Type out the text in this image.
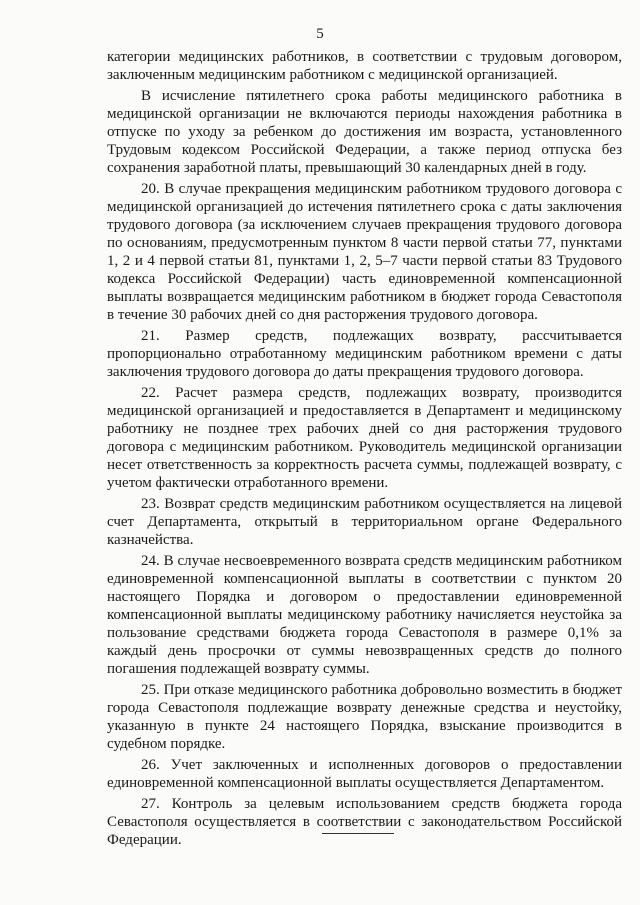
5

категории медицинских работников, в соответствии с трудовым договором, заключенным медицинским работником с медицинской организацией.

В исчисление пятилетнего срока работы медицинского работника в медицинской организации не включаются периоды нахождения работника в отпуске по уходу за ребенком до достижения им возраста, установленного Трудовым кодексом Российской Федерации, а также период отпуска без сохранения заработной платы, превышающий 30 календарных дней в году.

20. В случае прекращения медицинским работником трудового договора с медицинской организацией до истечения пятилетнего срока с даты заключения трудового договора (за исключением случаев прекращения трудового договора по основаниям, предусмотренным пунктом 8 части первой статьи 77, пунктами 1, 2 и 4 первой статьи 81, пунктами 1, 2, 5–7 части первой статьи 83 Трудового кодекса Российской Федерации) часть единовременной компенсационной выплаты возвращается медицинским работником в бюджет города Севастополя в течение 30 рабочих дней со дня расторжения трудового договора.

21. Размер средств, подлежащих возврату, рассчитывается пропорционально отработанному медицинским работником времени с даты заключения трудового договора до даты прекращения трудового договора.

22. Расчет размера средств, подлежащих возврату, производится медицинской организацией и предоставляется в Департамент и медицинскому работнику не позднее трех рабочих дней со дня расторжения трудового договора с медицинским работником. Руководитель медицинской организации несет ответственность за корректность расчета суммы, подлежащей возврату, с учетом фактически отработанного времени.

23. Возврат средств медицинским работником осуществляется на лицевой счет Департамента, открытый в территориальном органе Федерального казначейства.

24. В случае несвоевременного возврата средств медицинским работником единовременной компенсационной выплаты в соответствии с пунктом 20 настоящего Порядка и договором о предоставлении единовременной компенсационной выплаты медицинскому работнику начисляется неустойка за пользование средствами бюджета города Севастополя в размере 0,1% за каждый день просрочки от суммы невозвращенных средств до полного погашения подлежащей возврату суммы.

25. При отказе медицинского работника добровольно возместить в бюджет города Севастополя подлежащие возврату денежные средства и неустойку, указанную в пункте 24 настоящего Порядка, взыскание производится в судебном порядке.

26. Учет заключенных и исполненных договоров о предоставлении единовременной компенсационной выплаты осуществляется Департаментом.

27. Контроль за целевым использованием средств бюджета города Севастополя осуществляется в соответствии с законодательством Российской Федерации.
